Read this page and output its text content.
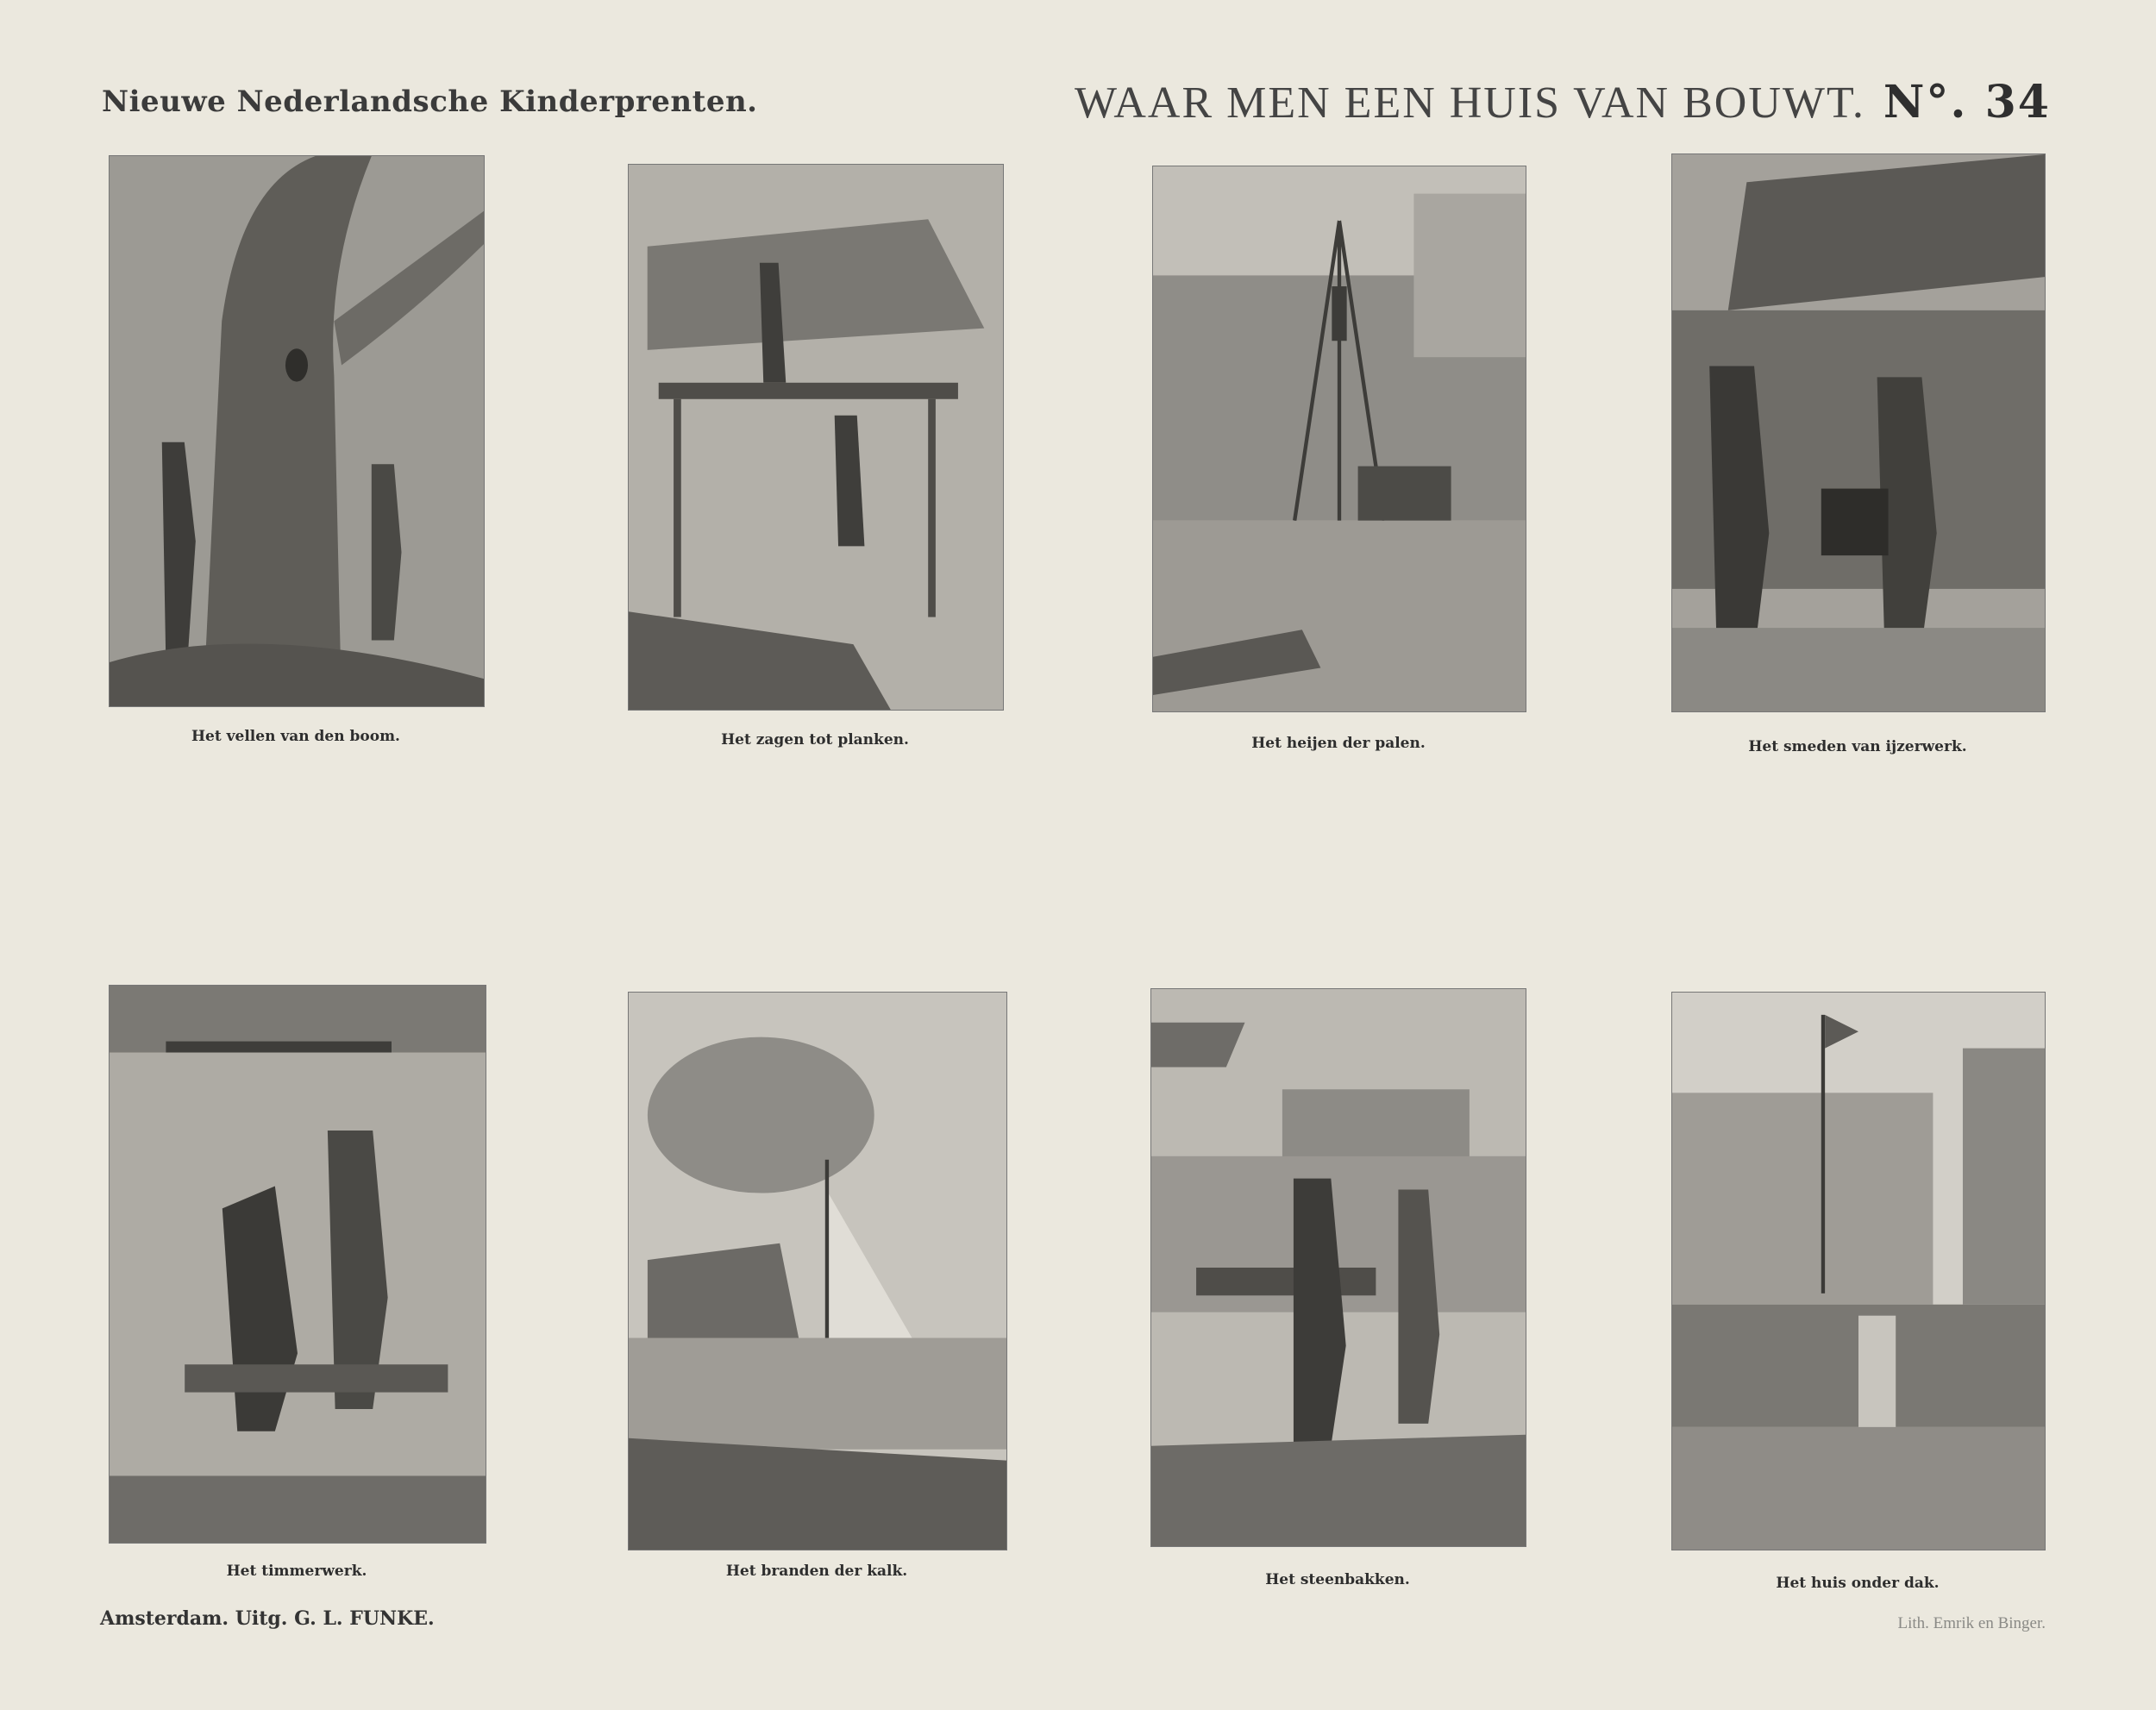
Nieuwe Nederlandsche Kinderprenten.	WAAR MEN EEN HUIS VAN BOUWT. N°. 34
Het vellen van den boom.	Het zagen tot planken.	Het heijen der palen.	Het smeden van ijzerwerk.
Het timmerwerk.	Het branden der kalk.	Het steenbakken.	Het huis onder dak.
Amsterdam. Uitg. G. L. FUNKE.	Lith. Emrik en Binger.
